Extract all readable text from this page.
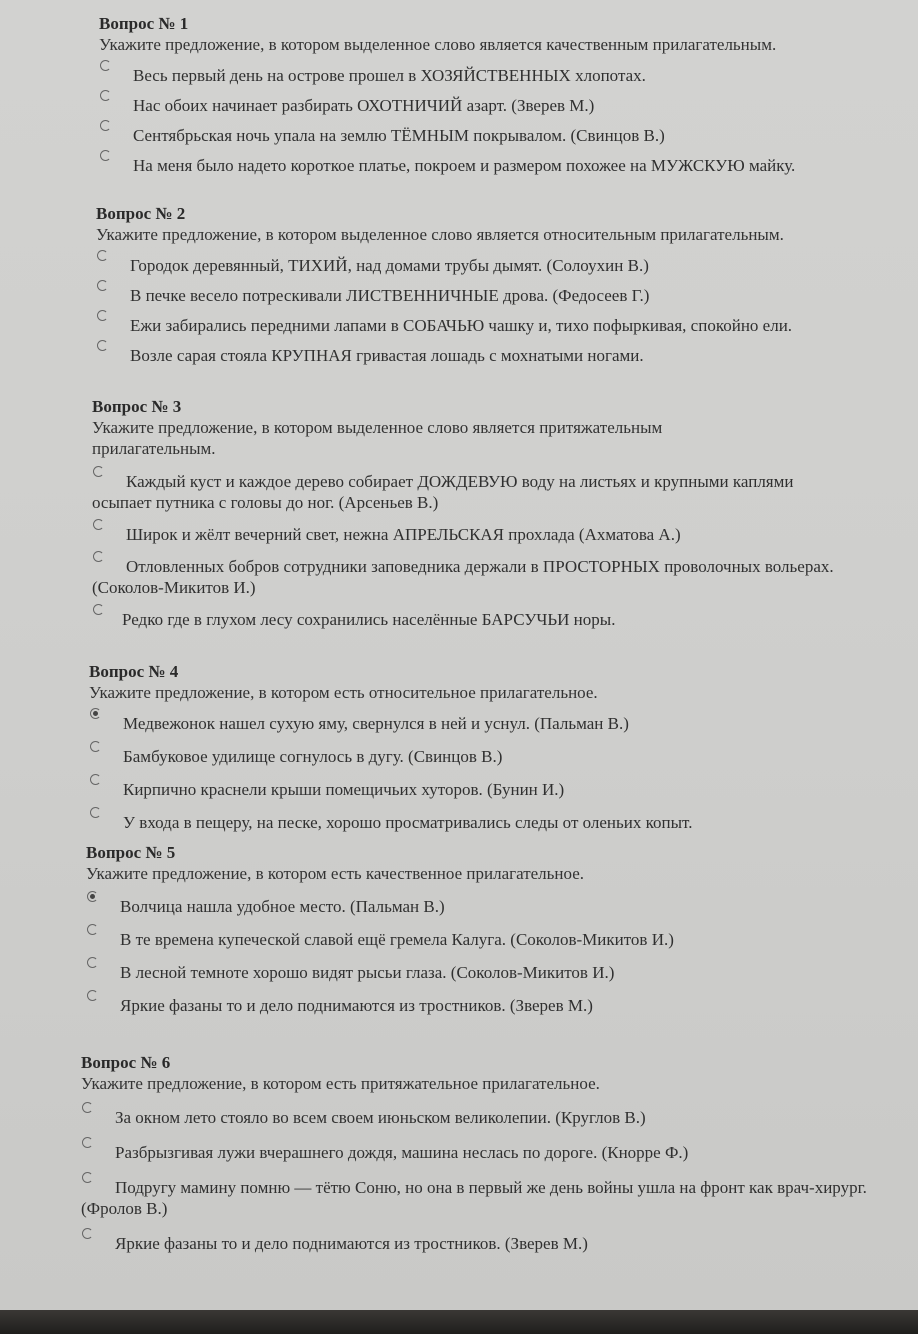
Вопрос № 1
Укажите предложение, в котором выделенное слово является качественным прилагательным.
Весь первый день на острове прошел в ХОЗЯЙСТВЕННЫХ хлопотах.
Нас обоих начинает разбирать ОХОТНИЧИЙ азарт. (Зверев М.)
Сентябрьская ночь упала на землю ТЁМНЫМ покрывалом. (Свинцов В.)
На меня было надето короткое платье, покроем и размером похожее на МУЖСКУЮ майку.
Вопрос № 2
Укажите предложение, в котором выделенное слово является относительным прилагательным.
Городок деревянный, ТИХИЙ, над домами трубы дымят. (Солоухин В.)
В печке весело потрескивали ЛИСТВЕННИЧНЫЕ дрова. (Федосеев Г.)
Ежи забирались передними лапами в СОБАЧЬЮ чашку и, тихо пофыркивая, спокойно ели.
Возле сарая стояла КРУПНАЯ гривастая лошадь с мохнатыми ногами.
Вопрос № 3
Укажите предложение, в котором выделенное слово является притяжательным прилагательным.
Каждый куст и каждое дерево собирает ДОЖДЕВУЮ воду на листьях и крупными каплями осыпает путника с головы до ног. (Арсеньев В.)
Широк и жёлт вечерний свет, нежна АПРЕЛЬСКАЯ прохлада (Ахматова А.)
Отловленных бобров сотрудники заповедника держали в ПРОСТОРНЫХ проволочных вольерах. (Соколов-Микитов И.)
Редко где в глухом лесу сохранились населённые БАРСУЧЬИ норы.
Вопрос № 4
Укажите предложение, в котором есть относительное прилагательное.
Медвежонок нашел сухую яму, свернулся в ней и уснул. (Пальман В.)
Бамбуковое удилище согнулось в дугу. (Свинцов В.)
Кирпично краснели крыши помещичьих хуторов. (Бунин И.)
У входа в пещеру, на песке, хорошо просматривались следы от оленьих копыт.
Вопрос № 5
Укажите предложение, в котором есть качественное прилагательное.
Волчица нашла удобное место. (Пальман В.)
В те времена купеческой славой ещё гремела Калуга. (Соколов-Микитов И.)
В лесной темноте хорошо видят рысьи глаза. (Соколов-Микитов И.)
Яркие фазаны то и дело поднимаются из тростников. (Зверев М.)
Вопрос № 6
Укажите предложение, в котором есть притяжательное прилагательное.
За окном лето стояло во всем своем июньском великолепии. (Круглов В.)
Разбрызгивая лужи вчерашнего дождя, машина неслась по дороге. (Кнорре Ф.)
Подругу мамину помню — тётю Соню, но она в первый же день войны ушла на фронт как врач-хирург. (Фролов В.)
Яркие фазаны то и дело поднимаются из тростников. (Зверев М.)
